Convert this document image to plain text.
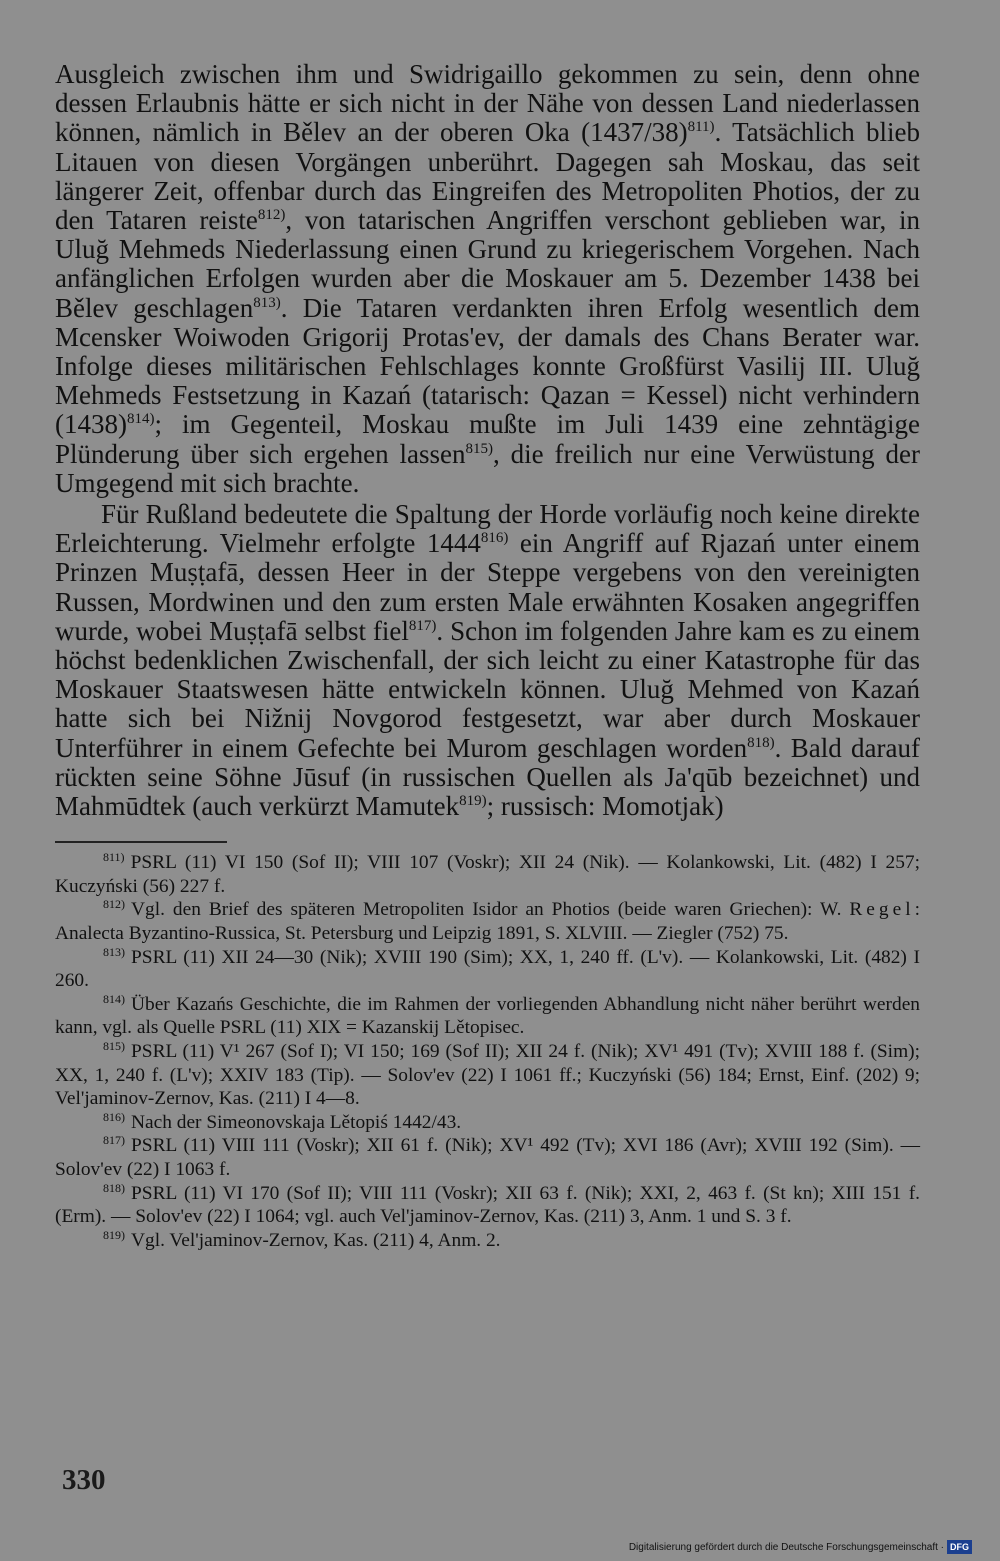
Ausgleich zwischen ihm und Swidrigaillo gekommen zu sein, denn ohne dessen Erlaubnis hätte er sich nicht in der Nähe von dessen Land niederlassen können, nämlich in Bělev an der oberen Oka $(1437/38)^{811)}$. Tatsächlich blieb Litauen von diesen Vorgängen unberührt. Dagegen sah Moskau, das seit längerer Zeit, offenbar durch das Eingreifen des Metropoliten Photios, der zu den Tataren reiste$^{812)}$, von tatarischen Angriffen verschont geblieben war, in Uluğ Mehmeds Niederlassung einen Grund zu kriegerischem Vorgehen. Nach anfänglichen Erfolgen wurden aber die Moskauer am 5. Dezember 1438 bei Bělev geschlagen$^{813)}$. Die Tataren verdankten ihren Erfolg wesentlich dem Mcensker Woiwoden Grigorij Protas'ev, der damals des Chans Berater war. Infolge dieses militärischen Fehlschlages konnte Großfürst Vasilij III. Uluğ Mehmeds Festsetzung in Kazań (tatarisch: Qazan = Kessel) nicht verhindern $(1438)^{814)}$; im Gegenteil, Moskau mußte im Juli 1439 eine zehntägige Plünderung über sich ergehen lassen$^{815)}$, die freilich nur eine Verwüstung der Umgegend mit sich brachte.

Für Rußland bedeutete die Spaltung der Horde vorläufig noch keine direkte Erleichterung. Vielmehr erfolgte 1444$^{816)}$ ein Angriff auf Rjazań unter einem Prinzen Muṣṭafā, dessen Heer in der Steppe vergebens von den vereinigten Russen, Mordwinen und den zum ersten Male erwähnten Kosaken angegriffen wurde, wobei Muṣṭafā selbst fiel$^{817)}$. Schon im folgenden Jahre kam es zu einem höchst bedenklichen Zwischenfall, der sich leicht zu einer Katastrophe für das Moskauer Staatswesen hätte entwickeln können. Uluğ Mehmed von Kazań hatte sich bei Nižnij Novgorod festgesetzt, war aber durch Moskauer Unterführer in einem Gefechte bei Murom geschlagen worden$^{818)}$. Bald darauf rückten seine Söhne Jūsuf (in russischen Quellen als Ja'qūb bezeichnet) und Mahmūdtek (auch verkürzt Mamutek$^{819)}$; russisch: Momotjak)

$^{811)}$ PSRL (11) VI 150 (Sof II); VIII 107 (Voskr); XII 24 (Nik). — Kolankowski, Lit. (482) I 257; Kuczyński (56) 227 f.

$^{812)}$ Vgl. den Brief des späteren Metropoliten Isidor an Photios (beide waren Griechen): W. Regel: Analecta Byzantino-Russica, St. Petersburg und Leipzig 1891, S. XLVIII. — Ziegler (752) 75.

$^{813)}$ PSRL (11) XII 24—30 (Nik); XVIII 190 (Sim); XX, 1, 240 ff. (L'v). — Kolankowski, Lit. (482) I 260.

$^{814)}$ Über Kazańs Geschichte, die im Rahmen der vorliegenden Abhandlung nicht näher berührt werden kann, vgl. als Quelle PSRL (11) XIX = Kazanskij Lětopisec.

$^{815)}$ PSRL (11) V¹ 267 (Sof I); VI 150; 169 (Sof II); XII 24 f. (Nik); XV¹ 491 (Tv); XVIII 188 f. (Sim); XX, 1, 240 f. (L'v); XXIV 183 (Tip). — Solov'ev (22) I 1061 ff.; Kuczyński (56) 184; Ernst, Einf. (202) 9; Vel'jaminov-Zernov, Kas. (211) I 4—8.

$^{816)}$ Nach der Simeonovskaja Lětopiś 1442/43.

$^{817)}$ PSRL (11) VIII 111 (Voskr); XII 61 f. (Nik); XV¹ 492 (Tv); XVI 186 (Avr); XVIII 192 (Sim). — Solov'ev (22) I 1063 f.

$^{818)}$ PSRL (11) VI 170 (Sof II); VIII 111 (Voskr); XII 63 f. (Nik); XXI, 2, 463 f. (St kn); XIII 151 f. (Erm). — Solov'ev (22) I 1064; vgl. auch Vel'jaminov-Zernov, Kas. (211) 3, Anm. 1 und S. 3 f.

$^{819)}$ Vgl. Vel'jaminov-Zernov, Kas. (211) 4, Anm. 2.

330
Digitalisierung gefördert durch die Deutsche Forschungsgemeinschaft · DFG
